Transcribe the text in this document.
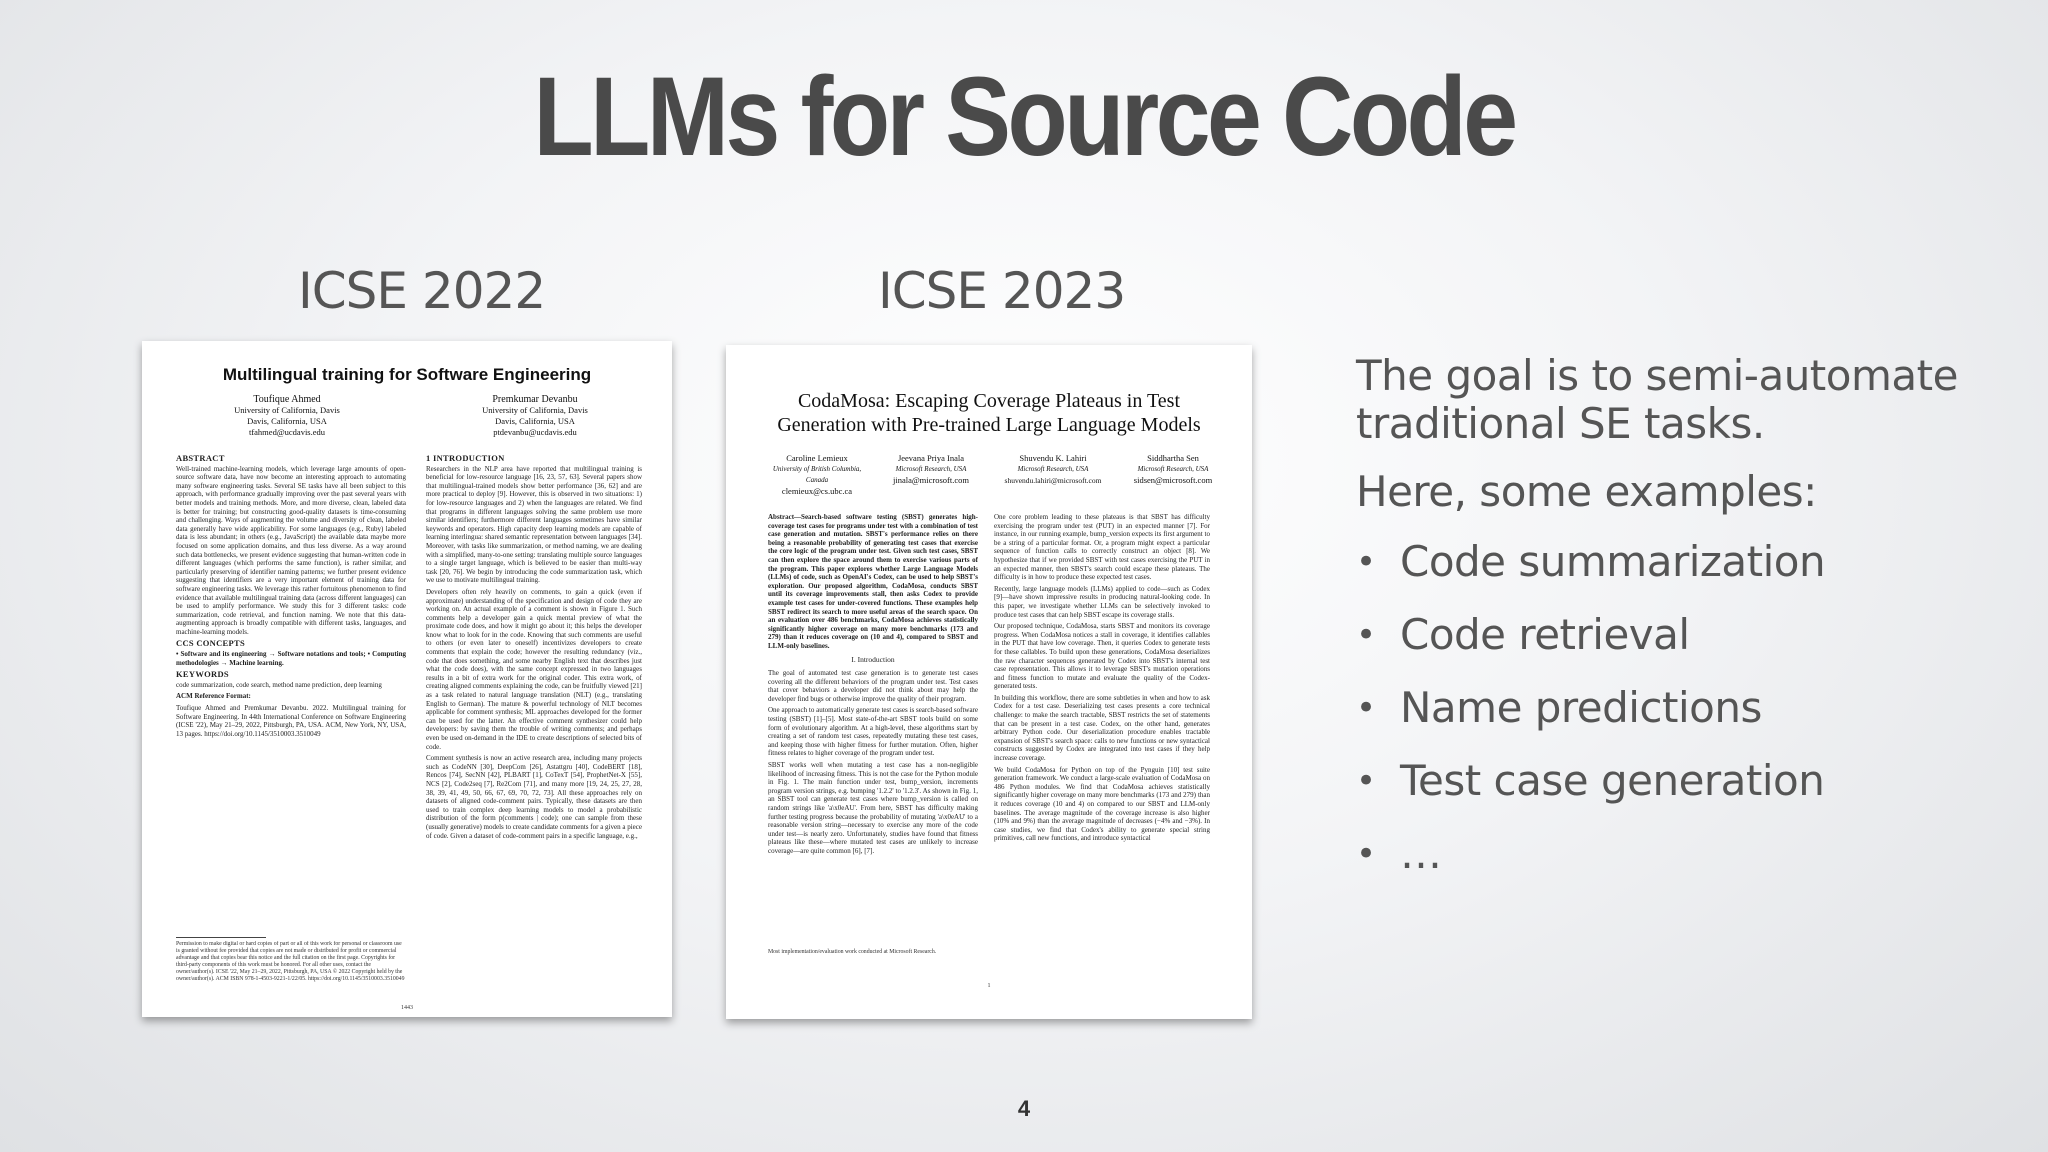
LLMs for Source Code
ICSE 2022	ICSE 2023
Multilingual training for Software Engineering
Toufique Ahmed
University of California, Davis
Davis, California, USA
tfahmed@ucdavis.edu
Premkumar Devanbu
University of California, Davis
Davis, California, USA
ptdevanbu@ucdavis.edu
ABSTRACT

Well-trained machine-learning models, which leverage large amounts of open-source software data, have now become an interesting approach to automating many software engineering tasks. Several SE tasks have all been subject to this approach, with performance gradually improving over the past several years with better models and training methods. More, and more diverse, clean, labeled data is better for training; but constructing good-quality datasets is time-consuming and challenging. Ways of augmenting the volume and diversity of clean, labeled data generally have wide applicability. For some languages (e.g., Ruby) labeled data is less abundant; in others (e.g., JavaScript) the available data maybe more focused on some application domains, and thus less diverse. As a way around such data bottlenecks, we present evidence suggesting that human-written code in different languages (which performs the same function), is rather similar, and particularly preserving of identifier naming patterns; we further present evidence suggesting that identifiers are a very important element of training data for software engineering tasks. We leverage this rather fortuitous phenomenon to find evidence that available multilingual training data (across different languages) can be used to amplify performance. We study this for 3 different tasks: code summarization, code retrieval, and function naming. We note that this data-augmenting approach is broadly compatible with different tasks, languages, and machine-learning models.

CCS CONCEPTS

• Software and its engineering → Software notations and tools; • Computing methodologies → Machine learning.

KEYWORDS

code summarization, code search, method name prediction, deep learning

ACM Reference Format:

Toufique Ahmed and Premkumar Devanbu. 2022. Multilingual training for Software Engineering. In 44th International Conference on Software Engineering (ICSE '22), May 21–29, 2022, Pittsburgh, PA, USA. ACM, New York, NY, USA, 13 pages. https://doi.org/10.1145/3510003.3510049

Permission to make digital or hard copies of part or all of this work for personal or classroom use is granted without fee provided that copies are not made or distributed for profit or commercial advantage and that copies bear this notice and the full citation on the first page. Copyrights for third-party components of this work must be honored. For all other uses, contact the owner/author(s). ICSE '22, May 21–29, 2022, Pittsburgh, PA, USA © 2022 Copyright held by the owner/author(s). ACM ISBN 978-1-4503-9221-1/22/05. https://doi.org/10.1145/3510003.3510049
1 INTRODUCTION

Researchers in the NLP area have reported that multilingual training is beneficial for low-resource language [16, 23, 57, 63]. Several papers show that multilingual-trained models show better performance [36, 62] and are more practical to deploy [9]. However, this is observed in two situations: 1) for low-resource languages and 2) when the languages are related. We find that programs in different languages solving the same problem use more similar identifiers; furthermore different languages sometimes have similar keywords and operators. High capacity deep learning models are capable of learning interlingua: shared semantic representation between languages [34]. Moreover, with tasks like summarization, or method naming, we are dealing with a simplified, many-to-one setting: translating multiple source languages to a single target language, which is believed to be easier than multi-way task [20, 76]. We begin by introducing the code summarization task, which we use to motivate multilingual training.

Developers often rely heavily on comments, to gain a quick (even if approximate) understanding of the specification and design of code they are working on. An actual example of a comment is shown in Figure 1. Such comments help a developer gain a quick mental preview of what the proximate code does, and how it might go about it; this helps the developer know what to look for in the code. Knowing that such comments are useful to others (or even later to oneself) incentivizes developers to create comments that explain the code; however the resulting redundancy (viz., code that does something, and some nearby English text that describes just what the code does), with the same concept expressed in two languages results in a bit of extra work for the original coder. This extra work, of creating aligned comments explaining the code, can be fruitfully viewed [21] as a task related to natural language translation (NLT) (e.g., translating English to German). The mature & powerful technology of NLT becomes applicable for comment synthesis; ML approaches developed for the former can be used for the latter. An effective comment synthesizer could help developers: by saving them the trouble of writing comments; and perhaps even be used on-demand in the IDE to create descriptions of selected bits of code.

Comment synthesis is now an active research area, including many projects such as CodeNN [30], DeepCom [26], Astattgru [40], CodeBERT [18], Rencos [74], SecNN [42], PLBART [1], CoTexT [54], ProphetNet-X [55], NCS [2], Code2seq [7], Re2Com [71], and many more [19, 24, 25, 27, 28, 38, 39, 41, 49, 50, 66, 67, 69, 70, 72, 73]. All these approaches rely on datasets of aligned code-comment pairs. Typically, these datasets are then used to train complex deep learning models to model a probabilistic distribution of the form p(comments | code); one can sample from these (usually generative) models to create candidate comments for a given a piece of code. Given a dataset of code-comment pairs in a specific language, e.g.,

1443
CodaMosa: Escaping Coverage Plateaus in Test Generation with Pre-trained Large Language Models
Caroline Lemieux
University of British Columbia, Canada
clemieux@cs.ubc.ca
Jeevana Priya Inala
Microsoft Research, USA
jinala@microsoft.com
Shuvendu K. Lahiri
Microsoft Research, USA
shuvendu.lahiri@microsoft.com
Siddhartha Sen
Microsoft Research, USA
sidsen@microsoft.com

Abstract—Search-based software testing (SBST) generates high-coverage test cases for programs under test with a combination of test case generation and mutation. SBST's performance relies on there being a reasonable probability of generating test cases that exercise the core logic of the program under test. Given such test cases, SBST can then explore the space around them to exercise various parts of the program. This paper explores whether Large Language Models (LLMs) of code, such as OpenAI's Codex, can be used to help SBST's exploration. Our proposed algorithm, CodaMosa, conducts SBST until its coverage improvements stall, then asks Codex to provide example test cases for under-covered functions. These examples help SBST redirect its search to more useful areas of the search space. On an evaluation over 486 benchmarks, CodaMosa achieves statistically significantly higher coverage on many more benchmarks (173 and 279) than it reduces coverage on (10 and 4), compared to SBST and LLM-only baselines.

I. Introduction

The goal of automated test case generation is to generate test cases covering all the different behaviors of the program under test. Test cases that cover behaviors a developer did not think about may help the developer find bugs or otherwise improve the quality of their program.

One approach to automatically generate test cases is search-based software testing (SBST) [1]–[5]. Most state-of-the-art SBST tools build on some form of evolutionary algorithm. At a high-level, these algorithms start by creating a set of random test cases, repeatedly mutating these test cases, and keeping those with higher fitness for further mutation. Often, higher fitness relates to higher coverage of the program under test.

SBST works well when mutating a test case has a non-negligible likelihood of increasing fitness. This is not the case for the Python module in Fig. 1. The main function under test, bump_version, increments program version strings, e.g. bumping '1.2.2' to '1.2.3'. As shown in Fig. 1, an SBST tool can generate test cases where bump_version is called on random strings like 'a\x0eAU'. From here, SBST has difficulty making further testing progress because the probability of mutating 'a\x0eAU' to a reasonable version string—necessary to exercise any more of the code under test—is nearly zero. Unfortunately, studies have found that fitness plateaus like these—where mutated test cases are unlikely to increase coverage—are quite common [6], [7].

Most implementation/evaluation work conducted at Microsoft Research.

One core problem leading to these plateaus is that SBST has difficulty exercising the program under test (PUT) in an expected manner [7]. For instance, in our running example, bump_version expects its first argument to be a string of a particular format. Or, a program might expect a particular sequence of function calls to correctly construct an object [8]. We hypothesize that if we provided SBST with test cases exercising the PUT in an expected manner, then SBST's search could escape these plateaus. The difficulty is in how to produce these expected test cases.

Recently, large language models (LLMs) applied to code—such as Codex [9]—have shown impressive results in producing natural-looking code. In this paper, we investigate whether LLMs can be selectively invoked to produce test cases that can help SBST escape its coverage stalls.

Our proposed technique, CodaMosa, starts SBST and monitors its coverage progress. When CodaMosa notices a stall in coverage, it identifies callables in the PUT that have low coverage. Then, it queries Codex to generate tests for these callables. To build upon these generations, CodaMosa deserializes the raw character sequences generated by Codex into SBST's internal test case representation. This allows it to leverage SBST's mutation operations and fitness function to mutate and evaluate the quality of the Codex-generated tests.

In building this workflow, there are some subtleties in when and how to ask Codex for a test case. Deserializing test cases presents a core technical challenge: to make the search tractable, SBST restricts the set of statements that can be present in a test case. Codex, on the other hand, generates arbitrary Python code. Our deserialization procedure enables tractable expansion of SBST's search space: calls to new functions or new syntactical constructs suggested by Codex are integrated into test cases if they help increase coverage.

We build CodaMosa for Python on top of the Pynguin [10] test suite generation framework. We conduct a large-scale evaluation of CodaMosa on 486 Python modules. We find that CodaMosa achieves statistically significantly higher coverage on many more benchmarks (173 and 279) than it reduces coverage (10 and 4) on compared to our SBST and LLM-only baselines. The average magnitude of the coverage increase is also higher (10% and 9%) than the average magnitude of decreases (−4% and −3%). In case studies, we find that Codex's ability to generate special string primitives, call new functions, and introduce syntactical

1

The goal is to semi-automate traditional SE tasks.

Here, some examples:

• Code summarization
• Code retrieval
• Name predictions
• Test case generation
• …
4
